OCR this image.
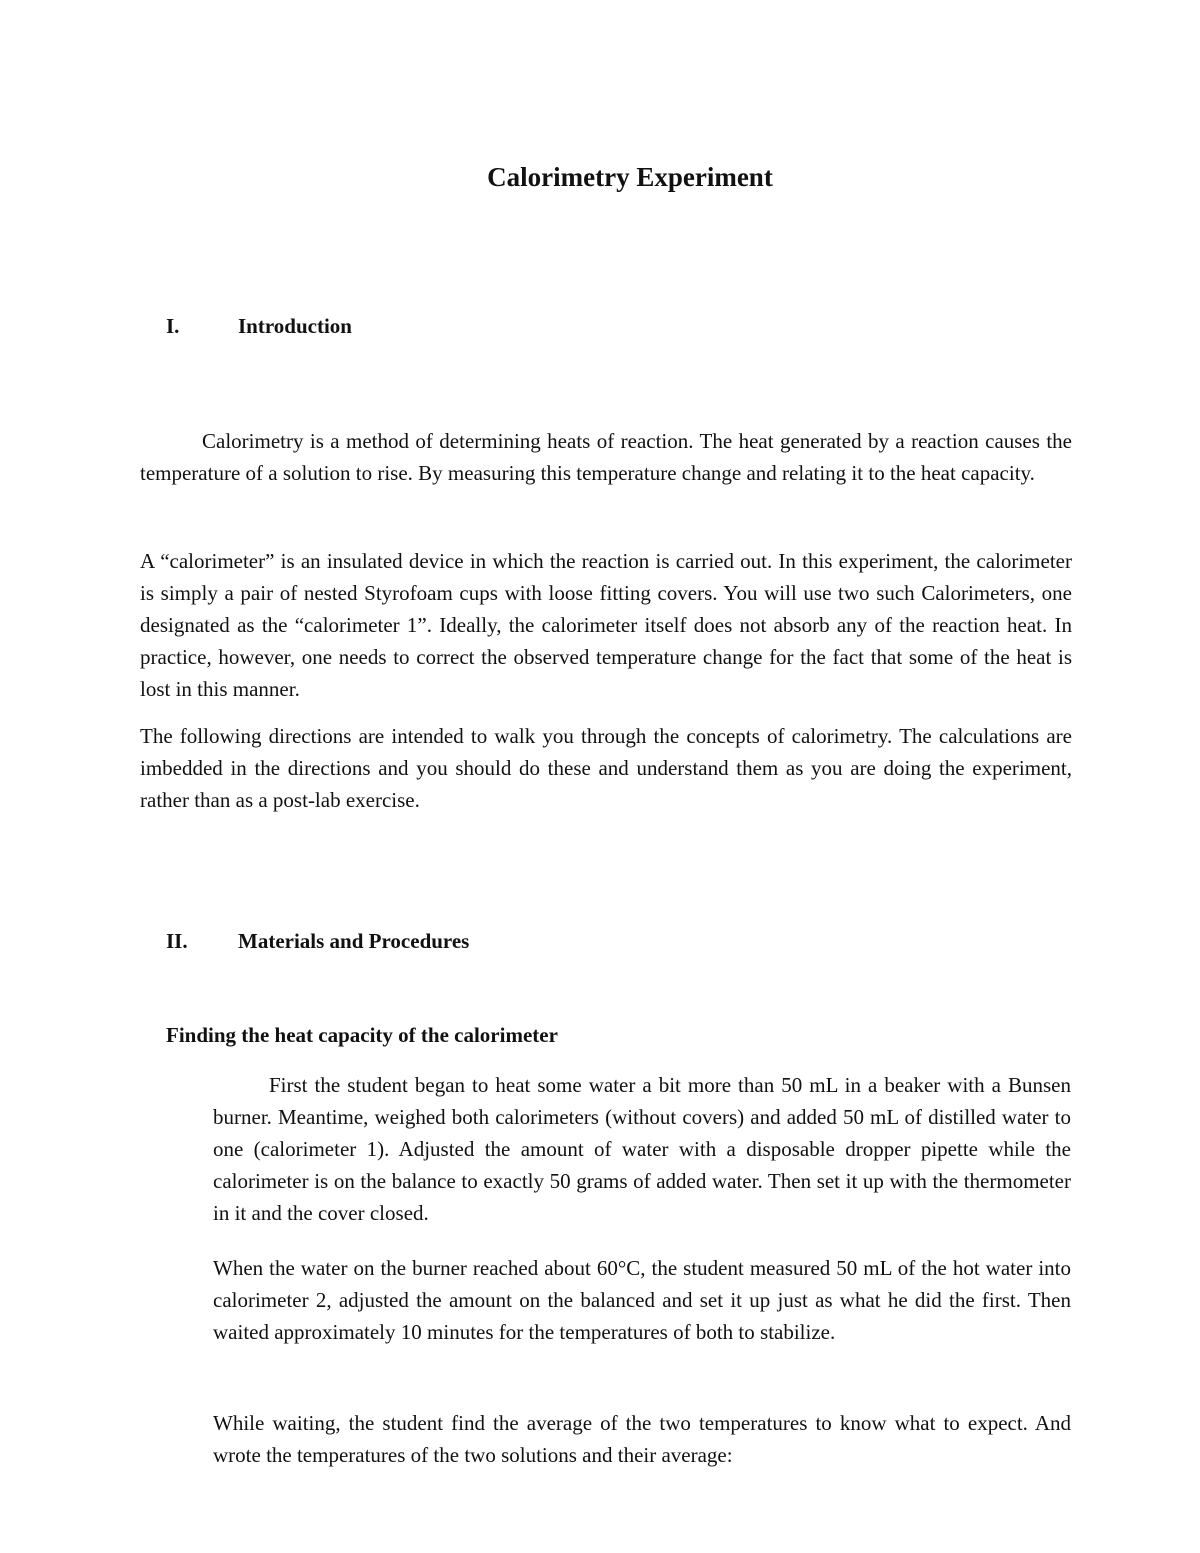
Calorimetry Experiment
I.	Introduction

Calorimetry is a method of determining heats of reaction. The heat generated by a reaction causes the temperature of a solution to rise. By measuring this temperature change and relating it to the heat capacity.

A “calorimeter” is an insulated device in which the reaction is carried out. In this experiment, the calorimeter is simply a pair of nested Styrofoam cups with loose fitting covers. You will use two such Calorimeters, one designated as the “calorimeter 1”. Ideally, the calorimeter itself does not absorb any of the reaction heat. In practice, however, one needs to correct the observed temperature change for the fact that some of the heat is lost in this manner.

The following directions are intended to walk you through the concepts of calorimetry. The calculations are imbedded in the directions and you should do these and understand them as you are doing the experiment, rather than as a post-lab exercise.

II. Materials and Procedures
Finding the heat capacity of the calorimeter

First the student began to heat some water a bit more than 50 mL in a beaker with a Bunsen burner. Meantime, weighed both calorimeters (without covers) and added 50 mL of distilled water to one (calorimeter 1). Adjusted the amount of water with a disposable dropper pipette while the calorimeter is on the balance to exactly 50 grams of added water. Then set it up with the thermometer in it and the cover closed.

When the water on the burner reached about 60°C, the student measured 50 mL of the hot water into calorimeter 2, adjusted the amount on the balanced and set it up just as what he did the first. Then waited approximately 10 minutes for the temperatures of both to stabilize.

While waiting, the student find the average of the two temperatures to know what to expect. And wrote the temperatures of the two solutions and their average:
